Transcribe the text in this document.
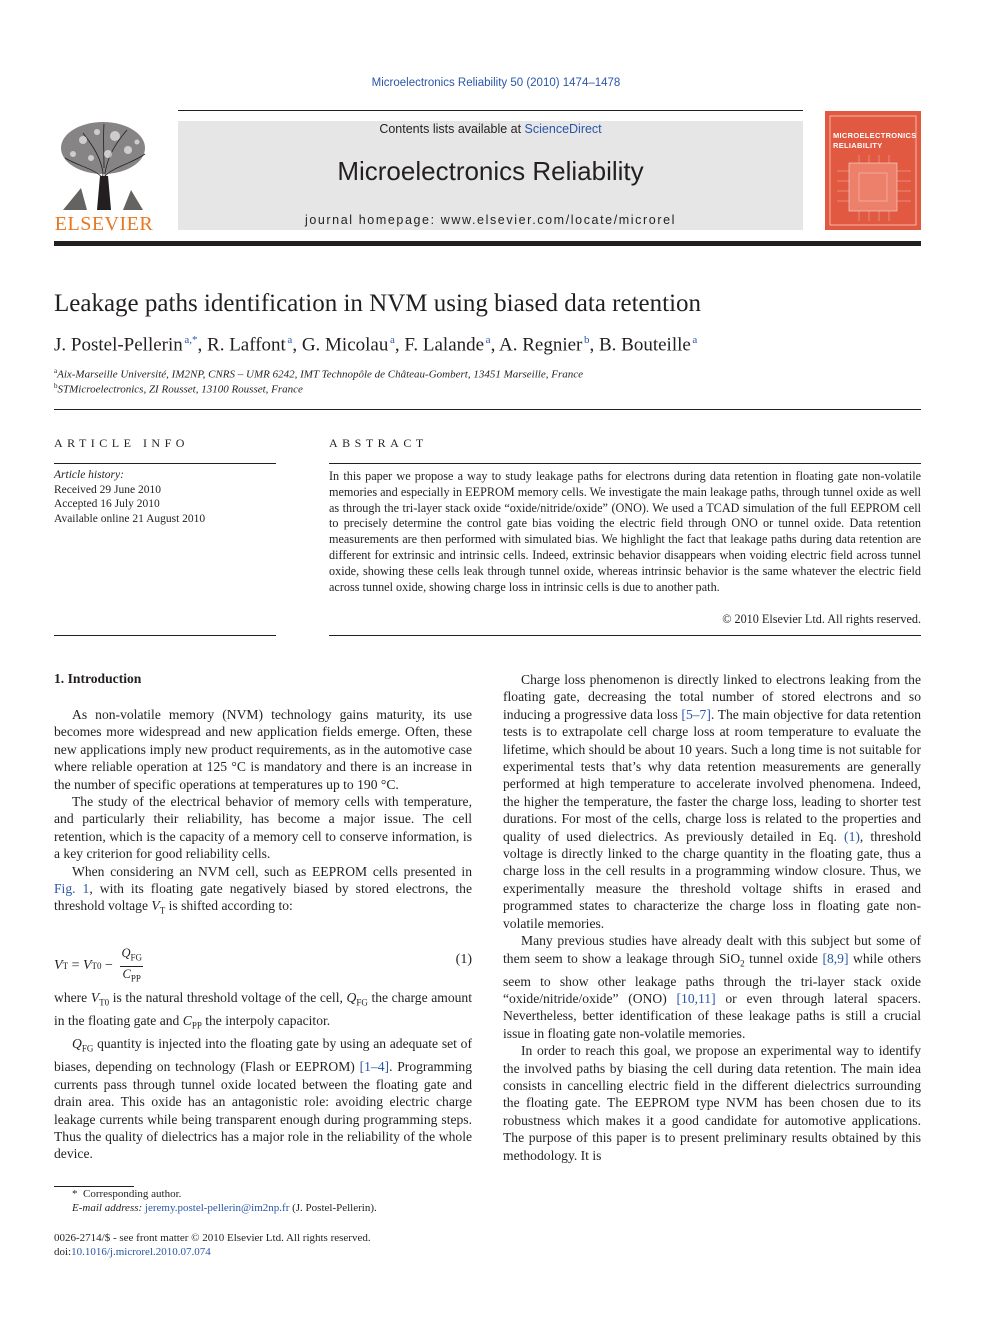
Microelectronics Reliability 50 (2010) 1474–1478
ELSEVIER
Contents lists available at ScienceDirect
Microelectronics Reliability
journal homepage: www.elsevier.com/locate/microrel
MICROELECTRONICS
RELIABILITY
Leakage paths identification in NVM using biased data retention
J. Postel-Pellerin  $^{a,*}$, R. Laffont  $^a$, G. Micolau  $^a$, F. Lalande  $^a$, A. Regnier  $^b$, B. Bouteille  $^a$
$^a$Aix-Marseille Université, IM2NP, CNRS – UMR 6242, IMT Technopôle de Château-Gombert, 13451 Marseille, France
$^b$STMicroelectronics, ZI Rousset, 13100 Rousset, France
ARTICLE INFO	ABSTRACT
Article history:
Received 29 June 2010
Accepted 16 July 2010
Available online 21 August 2010
In this paper we propose a way to study leakage paths for electrons during data retention in floating gate non-volatile memories and especially in EEPROM memory cells. We investigate the main leakage paths, through tunnel oxide as well as through the tri-layer stack oxide “oxide/nitride/oxide” (ONO). We used a TCAD simulation of the full EEPROM cell to precisely determine the control gate bias voiding the electric field through ONO or tunnel oxide. Data retention measurements are then performed with simulated bias. We highlight the fact that leakage paths during data retention are different for extrinsic and intrinsic cells. Indeed, extrinsic behavior disappears when voiding electric field across tunnel oxide, showing these cells leak through tunnel oxide, whereas intrinsic behavior is the same whatever the electric field across tunnel oxide, showing charge loss in intrinsic cells is due to another path.
© 2010 Elsevier Ltd. All rights reserved.
1. Introduction

As non-volatile memory (NVM) technology gains maturity, its use becomes more widespread and new application fields emerge. Often, these new applications imply new product requirements, as in the automotive case where reliable operation at 125 °C is mandatory and there is an increase in the number of specific operations at temperatures up to 190 °C.

The study of the electrical behavior of memory cells with temperature, and particularly their reliability, has become a major issue. The cell retention, which is the capacity of a memory cell to conserve information, is a key criterion for good reliability cells.

When considering an NVM cell, such as EEPROM cells presented in Fig. 1, with its floating gate negatively biased by stored electrons, the threshold voltage $V_T$ is shifted according to:

V T = V $T0 - \frac{Q_{FG}}{C_{PP}}$	(1)

where $V_{T0}$ is the natural threshold voltage of the cell, $Q_{FG}$ the charge amount in the floating gate and $C_{PP}$ the interpoly capacitor.

$Q_{FG}$ quantity is injected into the floating gate by using an adequate set of biases, depending on technology (Flash or EEPROM) [1–4]. Programming currents pass through tunnel oxide located between the floating gate and drain area. This oxide has an antagonistic role: avoiding electric charge leakage currents while being transparent enough during programming steps. Thus the quality of dielectrics has a major role in the reliability of the whole device.

Charge loss phenomenon is directly linked to electrons leaking from the floating gate, decreasing the total number of stored electrons and so inducing a progressive data loss [5–7]. The main objective for data retention tests is to extrapolate cell charge loss at room temperature to evaluate the lifetime, which should be about 10 years. Such a long time is not suitable for experimental tests that’s why data retention measurements are generally performed at high temperature to accelerate involved phenomena. Indeed, the higher the temperature, the faster the charge loss, leading to shorter test durations. For most of the cells, charge loss is related to the properties and quality of used dielectrics. As previously detailed in Eq. (1), threshold voltage is directly linked to the charge quantity in the floating gate, thus a charge loss in the cell results in a programming window closure. Thus, we experimentally measure the threshold voltage shifts in erased and programmed states to characterize the charge loss in floating gate non-volatile memories.

Many previous studies have already dealt with this subject but some of them seem to show a leakage through SiO$_2$ tunnel oxide [8,9] while others seem to show other leakage paths through the tri-layer stack oxide “oxide/nitride/oxide” (ONO) [10,11] or even through lateral spacers. Nevertheless, better identification of these leakage paths is still a crucial issue in floating gate non-volatile memories.

In order to reach this goal, we propose an experimental way to identify the involved paths by biasing the cell during data retention. The main idea consists in cancelling electric field in the different dielectrics surrounding the floating gate. The EEPROM type NVM has been chosen due to its robustness which makes it a good candidate for automotive applications. The purpose of this paper is to present preliminary results obtained by this methodology. It is

* Corresponding author.
E-mail address: jeremy.postel-pellerin@im2np.fr (J. Postel-Pellerin).
0026-2714/$ - see front matter © 2010 Elsevier Ltd. All rights reserved.
doi:10.1016/j.microrel.2010.07.074
